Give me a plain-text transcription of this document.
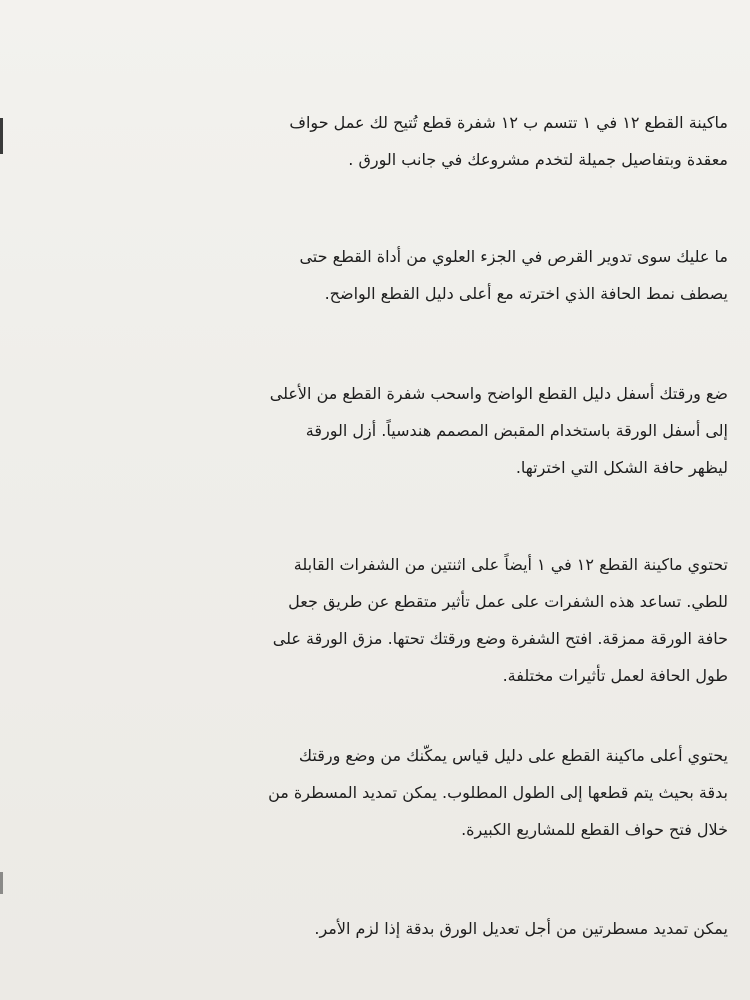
ماكينة القطع ١٢ في ١ تتسم ب ١٢ شفرة قطع تُتيح لك عمل حواف
معقدة وبتفاصيل جميلة لتخدم مشروعك في جانب الورق .

ما عليك سوى تدوير القرص في الجزء العلوي من أداة القطع حتى
يصطف نمط الحافة الذي اخترته مع أعلى دليل القطع الواضح.

ضع ورقتك أسفل دليل القطع الواضح واسحب شفرة القطع من الأعلى
إلى أسفل الورقة باستخدام المقبض المصمم هندسياً. أزل الورقة
ليظهر حافة الشكل التي اخترتها.

تحتوي ماكينة القطع ١٢ في ١ أيضاً على اثنتين من الشفرات القابلة
للطي. تساعد هذه الشفرات على عمل تأثير متقطع عن طريق جعل
حافة الورقة ممزقة. افتح الشفرة وضع ورقتك تحتها. مزق الورقة على
طول الحافة لعمل تأثيرات مختلفة.

يحتوي أعلى ماكينة القطع على دليل قياس يمكّنك من وضع ورقتك
بدقة بحيث يتم قطعها إلى الطول المطلوب. يمكن تمديد المسطرة من
خلال فتح حواف القطع للمشاريع الكبيرة.

يمكن تمديد مسطرتين من أجل تعديل الورق بدقة إذا لزم الأمر.
